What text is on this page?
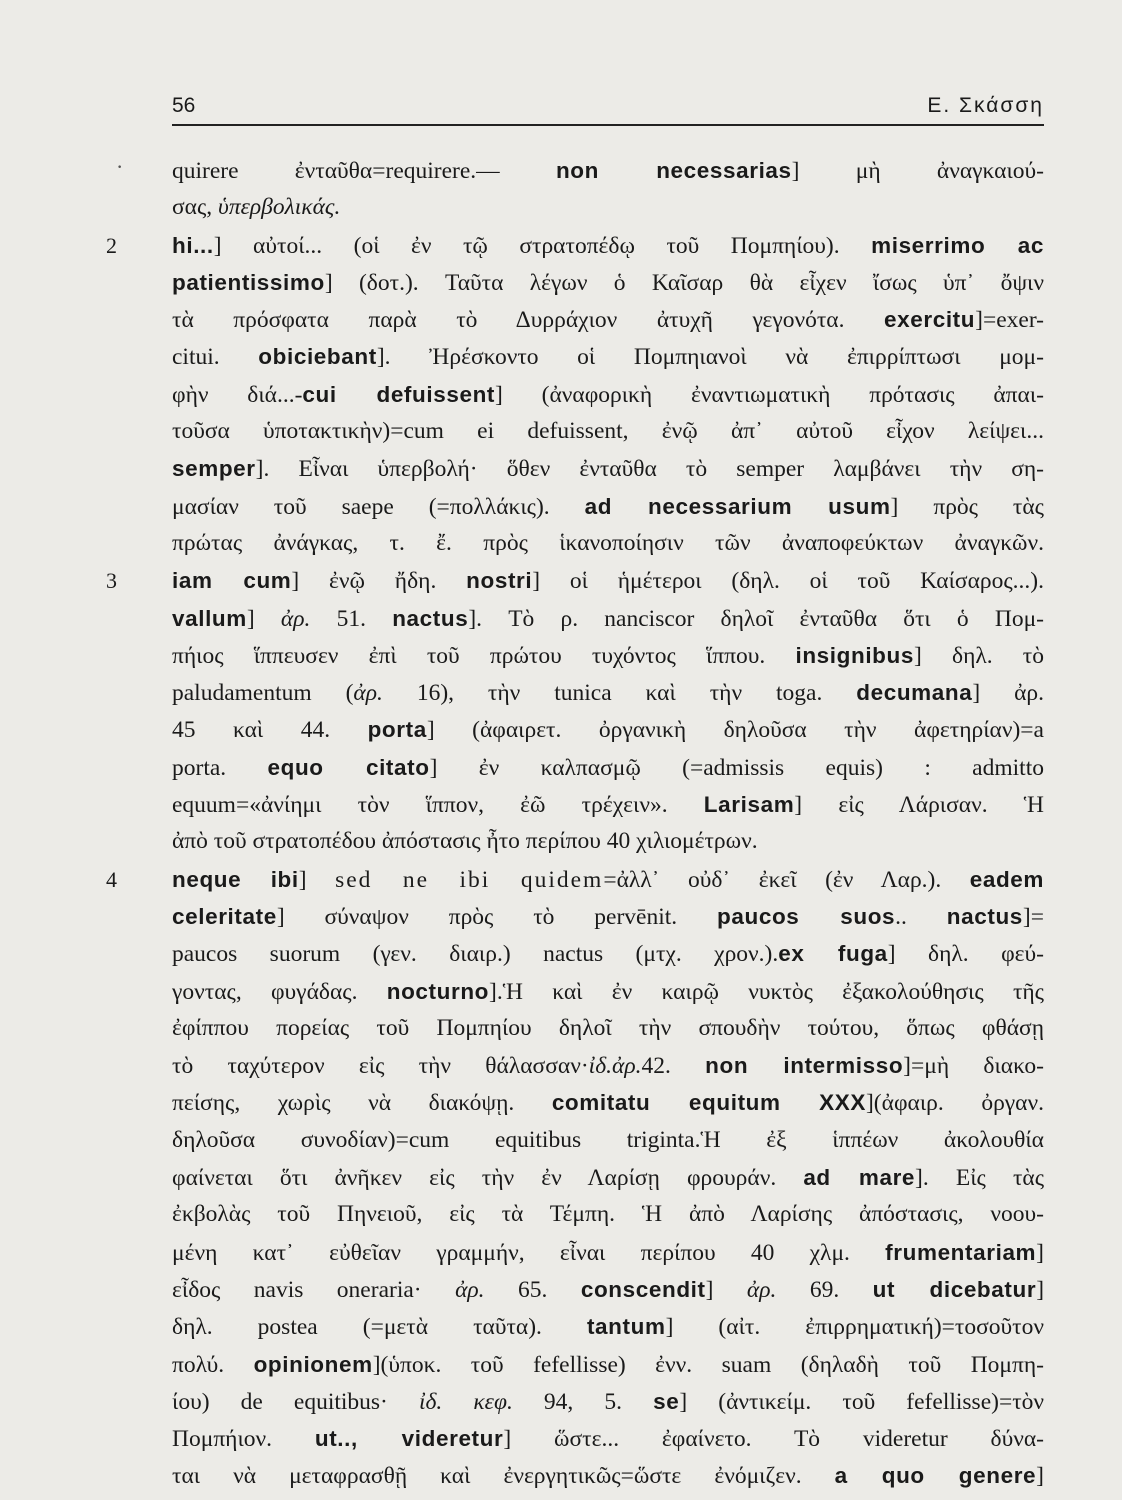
56	Ε. Σκάσση
· quirere ἐνταῦθα=requirere.— non necessarias] μὴ ἀναγκαιού-
σας, ὑπερβολικάς.
2 hi...] αὐτοί... (οἱ ἐν τῷ στρατοπέδῳ τοῦ Πομπηίου). miserrimo ac
patientissimo] (δοτ.). Ταῦτα λέγων ὁ Καῖσαρ θὰ εἶχεν ἴσως ὑπ᾿ ὄψιν
τὰ πρόσφατα παρὰ τὸ Δυρράχιον ἀτυχῆ γεγονότα. exercitu]=exer-
citui. obiciebant]. Ἠρέσκοντο οἱ Πομπηιανοὶ νὰ ἐπιρρίπτωσι μομ-
φὴν διά...-cui defuissent] (ἀναφορικὴ ἐναντιωματικὴ πρότασις ἀπαι-
τοῦσα ὑποτακτικὴν)=cum ei defuissent, ἐνῷ ἀπ᾿ αὐτοῦ εἶχον λείψει...
semper]. Εἶναι ὑπερβολή· ὅθεν ἐνταῦθα τὸ semper λαμβάνει τὴν ση-
μασίαν τοῦ saepe (=πολλάκις). ad necessarium usum] πρὸς τὰς
πρώτας ἀνάγκας, τ. ἔ. πρὸς ἱκανοποίησιν τῶν ἀναποφεύκτων ἀναγκῶν.
3 iam cum] ἐνῷ ἤδη. nostri] οἱ ἡμέτεροι (δηλ. οἱ τοῦ Καίσαρος...).
vallum] ἀρ. 51. nactus]. Τὸ ρ. nanciscor δηλοῖ ἐνταῦθα ὅτι ὁ Πομ-
πήιος ἵππευσεν ἐπὶ τοῦ πρώτου τυχόντος ἵππου. insignibus] δηλ. τὸ
paludamentum (ἀρ. 16), τὴν tunica καὶ τὴν toga. decumana] ἀρ.
45 καὶ 44. porta] (ἀφαιρετ. ὀργανικὴ δηλοῦσα τὴν ἀφετηρίαν)=a
porta. equo citato] ἐν καλπασμῷ (=admissis equis) : admitto
equum=«ἀνίημι τὸν ἵππον, ἐῶ τρέχειν». Larisam] εἰς Λάρισαν. Ἡ
ἀπὸ τοῦ στρατοπέδου ἀπόστασις ἦτο περίπου 40 χιλιομέτρων.
4 neque ibi] sed ne ibi quidem=ἀλλ᾿ οὐδ᾿ ἐκεῖ (ἐν Λαρ.). eadem
celeritate] σύναψον πρὸς τὸ pervēnit. paucos suos.. nactus]=
paucos suorum (γεν. διαιρ.) nactus (μτχ. χρον.).ex fuga] δηλ. φεύ-
γοντας, φυγάδας. nocturno].Ἡ καὶ ἐν καιρῷ νυκτὸς ἐξακολούθησις τῆς
ἐφίππου πορείας τοῦ Πομπηίου δηλοῖ τὴν σπουδὴν τούτου, ὅπως φθάσῃ
τὸ ταχύτερον εἰς τὴν θάλασσαν·ἰδ.ἀρ.42. non intermisso]=μὴ διακο-
πείσης, χωρὶς νὰ διακόψῃ. comitatu equitum XXX](ἀφαιρ. ὀργαν.
δηλοῦσα συνοδίαν)=cum equitibus triginta.Ἡ ἐξ ἱππέων ἀκολουθία
φαίνεται ὅτι ἀνῆκεν εἰς τὴν ἐν Λαρίσῃ φρουράν. ad mare]. Εἰς τὰς
ἐκβολὰς τοῦ Πηνειοῦ, εἰς τὰ Τέμπη. Ἡ ἀπὸ Λαρίσης ἀπόστασις, νοου-
μένη κατ᾿ εὐθεῖαν γραμμήν, εἶναι περίπου 40 χλμ. frumentariam]
εἶδος navis oneraria· ἀρ. 65. conscendit] ἀρ. 69. ut dicebatur]
δηλ. postea (=μετὰ ταῦτα). tantum] (αἰτ. ἐπιρρηματική)=τοσοῦτον
πολύ. opinionem](ὑποκ. τοῦ fefellisse) ἐνν. suam (δηλαδὴ τοῦ Πομπη-
ίου) de equitibus· ἰδ. κεφ. 94, 5. se] (ἀντικείμ. τοῦ fefellisse)=τὸν
Πομπήιον. ut.., videretur] ὥστε... ἐφαίνετο. Τὸ videretur δύνα-
ται νὰ μεταφρασθῇ καὶ ἐνεργητικῶς=ὥστε ἐνόμιζεν. a quo genere]
